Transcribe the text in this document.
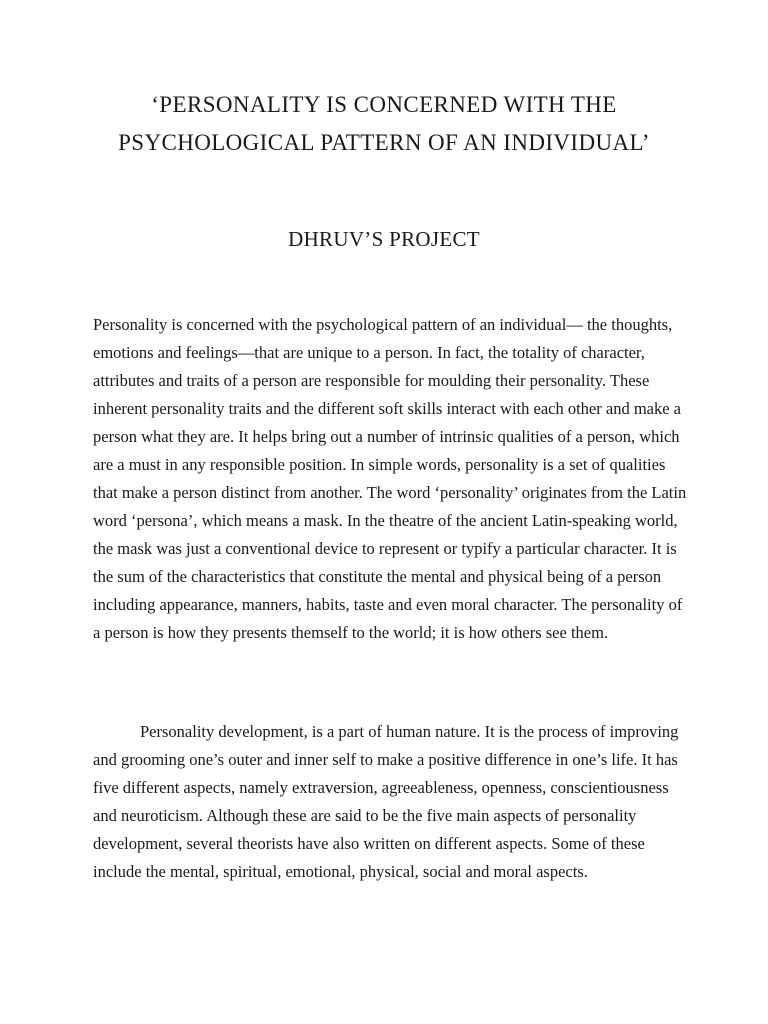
‘PERSONALITY IS CONCERNED WITH THE
PSYCHOLOGICAL PATTERN OF AN INDIVIDUAL’
DHRUV’S PROJECT

Personality is concerned with the psychological pattern of an individual— the thoughts, emotions and feelings—that are unique to a person. In fact, the totality of character, attributes and traits of a person are responsible for moulding their personality. These inherent personality traits and the different soft skills interact with each other and make a person what they are. It helps bring out a number of intrinsic qualities of a person, which are a must in any responsible position. In simple words, personality is a set of qualities that make a person distinct from another. The word ‘personality’ originates from the Latin word ‘persona’, which means a mask. In the theatre of the ancient Latin-speaking world, the mask was just a conventional device to represent or typify a particular character. It is the sum of the characteristics that constitute the mental and physical being of a person including appearance, manners, habits, taste and even moral character. The personality of a person is how they presents themself to the world; it is how others see them.

Personality development, is a part of human nature. It is the process of improving and grooming one’s outer and inner self to make a positive difference in one’s life. It has five different aspects, namely extraversion, agreeableness, openness, conscientiousness and neuroticism. Although these are said to be the five main aspects of personality development, several theorists have also written on different aspects. Some of these include the mental, spiritual, emotional, physical, social and moral aspects.
